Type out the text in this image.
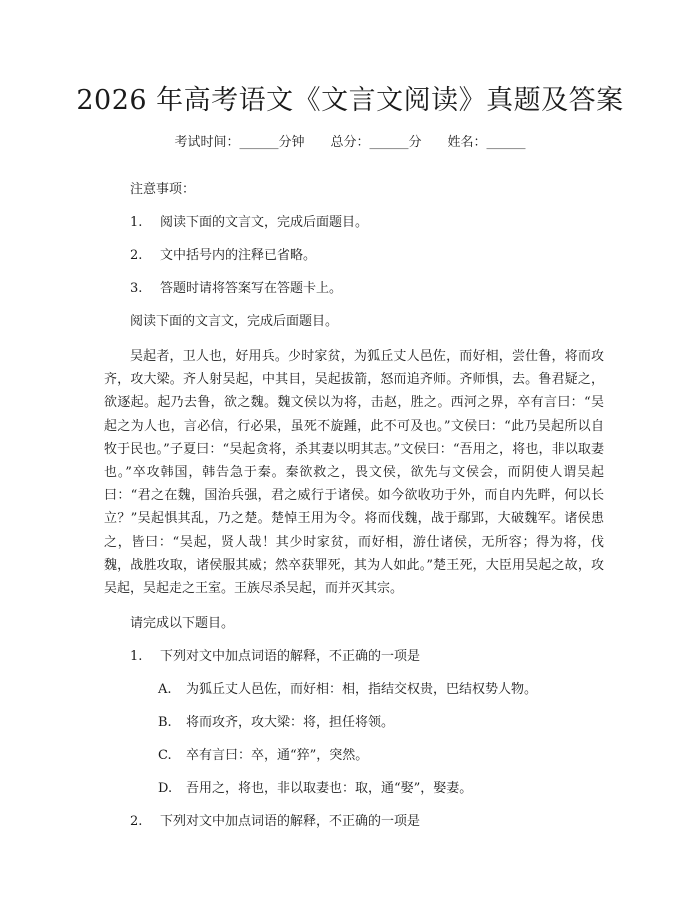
2026 年高考语文《文言文阅读》真题及答案
考试时间：______分钟 总分：______分 姓名：______
注意事项：
1.	阅读下面的文言文，完成后面题目。
2.	文中括号内的注释已省略。
3.	答题时请将答案写在答题卡上。
阅读下面的文言文，完成后面题目。
吴起者，卫人也，好用兵。少时家贫，为狐丘丈人邑佐，而好相，尝仕鲁，将而攻齐，攻大梁。齐人射吴起，中其目，吴起拔箭，怒而追齐师。齐师惧，去。鲁君疑之，欲逐起。起乃去鲁，欲之魏。魏文侯以为将，击赵，胜之。西河之界，卒有言曰：“吴起之为人也，言必信，行必果，虽死不旋踵，此不可及也。”文侯曰：“此乃吴起所以自牧于民也。”子夏曰：“吴起贪将，杀其妻以明其志。”文侯曰：“吾用之，将也，非以取妻也。”卒攻韩国，韩告急于秦。秦欲救之，畏文侯，欲先与文侯会，而阴使人谓吴起曰：“君之在魏，国治兵强，君之威行于诸侯。如今欲收功于外，而自内先畔，何以长立？”吴起惧其乱，乃之楚。楚悼王用为令。将而伐魏，战于鄢郢，大破魏军。诸侯患之，皆曰：“吴起，贤人哉！其少时家贫，而好相，游仕诸侯，无所容；得为将，伐魏，战胜攻取，诸侯服其威；然卒获罪死，其为人如此。”楚王死，大臣用吴起之故，攻吴起，吴起走之王室。王族尽杀吴起，而并灭其宗。
请完成以下题目。
1.	下列对文中加点词语的解释，不正确的一项是
A.	为狐丘丈人邑佐，而好相：相，指结交权贵，巴结权势人物。
B.	将而攻齐，攻大梁：将，担任将领。
C.	卒有言曰：卒，通“猝”，突然。
D.	吾用之，将也，非以取妻也：取，通“娶”，娶妻。
2.	下列对文中加点词语的解释，不正确的一项是
